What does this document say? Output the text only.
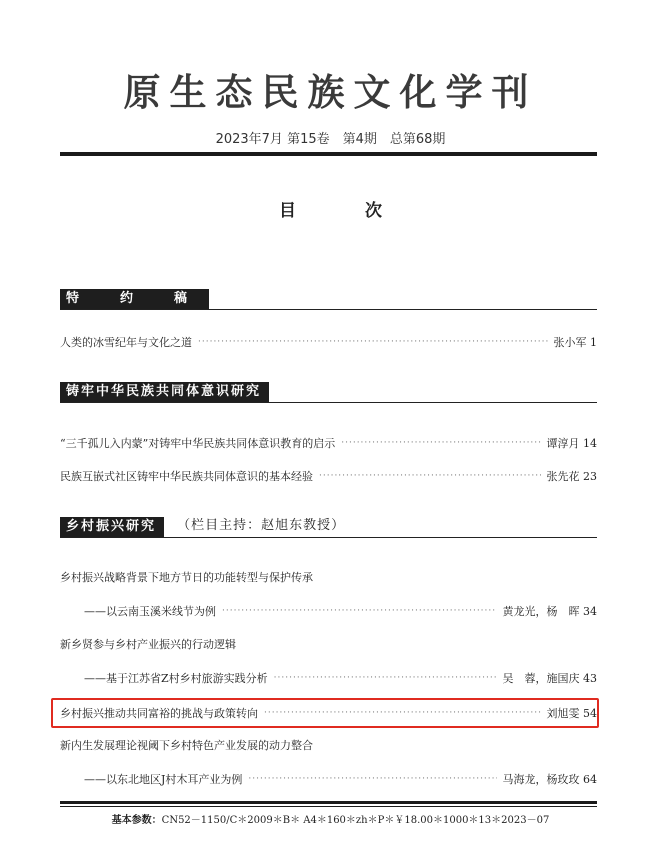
原生态民族文化学刊
2023年7月 第15卷　第4期　总第68期
目　次
特　约　稿
人类的冰雪纪年与文化之道 ·····	张小军 1
铸牢中华民族共同体意识研究
“三千孤儿入内蒙”对铸牢中华民族共同体意识教育的启示 ·····	谭淳月 14
民族互嵌式社区铸牢中华民族共同体意识的基本经验 ·····	张先花 23
乡村振兴研究 （栏目主持：赵旭东教授）
乡村振兴战略背景下地方节日的功能转型与保护传承
——以云南玉溪米线节为例 ·····	黄龙光，杨　晖 34
新乡贤参与乡村产业振兴的行动逻辑
——基于江苏省Z村乡村旅游实践分析 ·····	吴　蓉，施国庆 43
乡村振兴推动共同富裕的挑战与政策转向 ·····	刘旭雯 54
新内生发展理论视阈下乡村特色产业发展的动力整合
——以东北地区J村木耳产业为例 ·····	马海龙，杨玫玫 64
基本参数：CN52－1150/C＊2009＊B＊ A4＊160＊zh＊P＊￥18.00＊1000＊13＊2023－07
